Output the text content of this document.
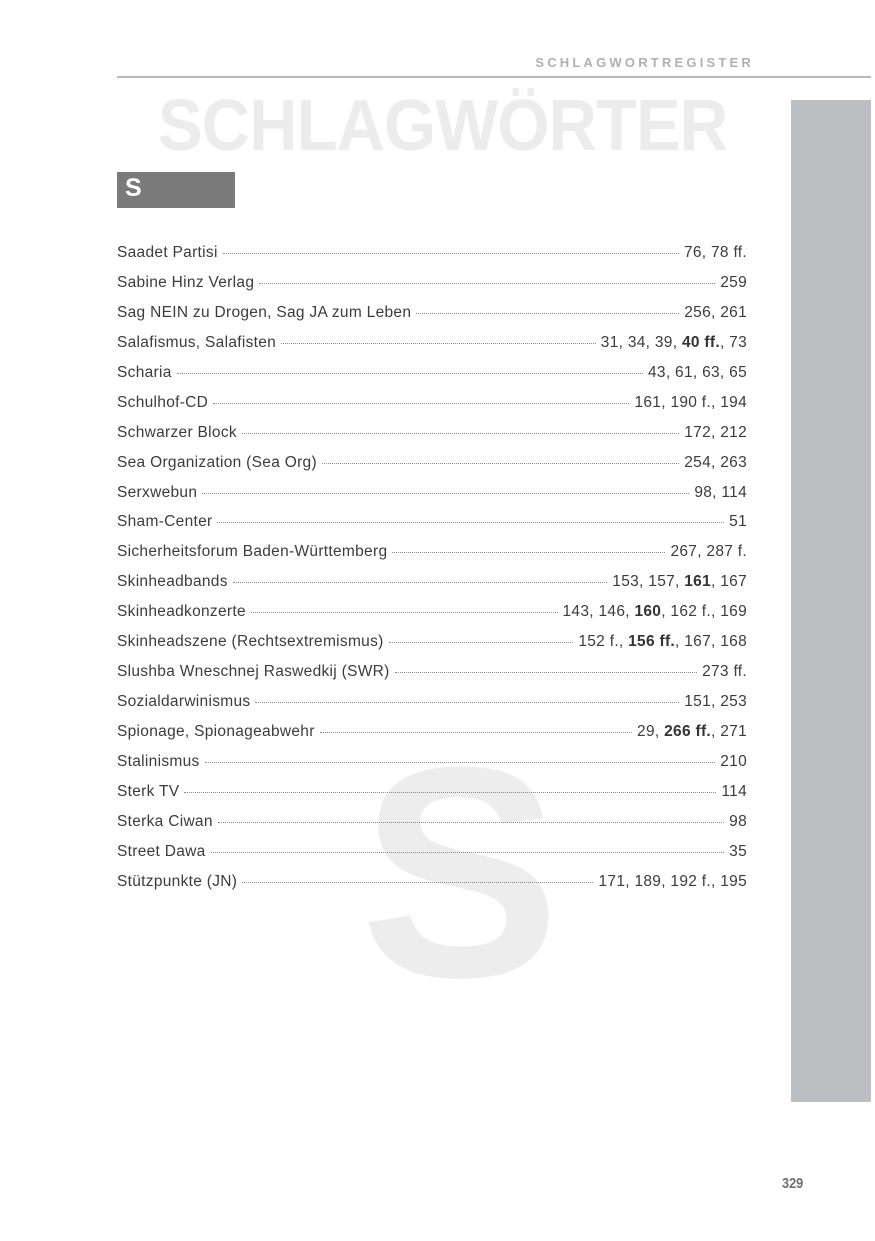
SCHLAGWORTREGISTER
SCHLAGWÖRTER
S
S
Saadet Partisi	76, 78 ff.
Sabine Hinz Verlag	259
Sag NEIN zu Drogen, Sag JA zum Leben	256, 261
Salafismus, Salafisten	31, 34, 39, 40 ff., 73
Scharia	43, 61, 63, 65
Schulhof-CD	161, 190 f., 194
Schwarzer Block	172, 212
Sea Organization (Sea Org)	254, 263
Serxwebun	98, 114
Sham-Center	51
Sicherheitsforum Baden-Württemberg	267, 287 f.
Skinheadbands	153, 157, 161, 167
Skinheadkonzerte	143, 146, 160, 162 f., 169
Skinheadszene (Rechtsextremismus)	152 f., 156 ff., 167, 168
Slushba Wneschnej Raswedkij (SWR)	273 ff.
Sozialdarwinismus	151, 253
Spionage, Spionageabwehr	29, 266 ff., 271
Stalinismus	210
Sterk TV	114
Sterka Ciwan	98
Street Dawa	35
Stützpunkte (JN)	171, 189, 192 f., 195
329
